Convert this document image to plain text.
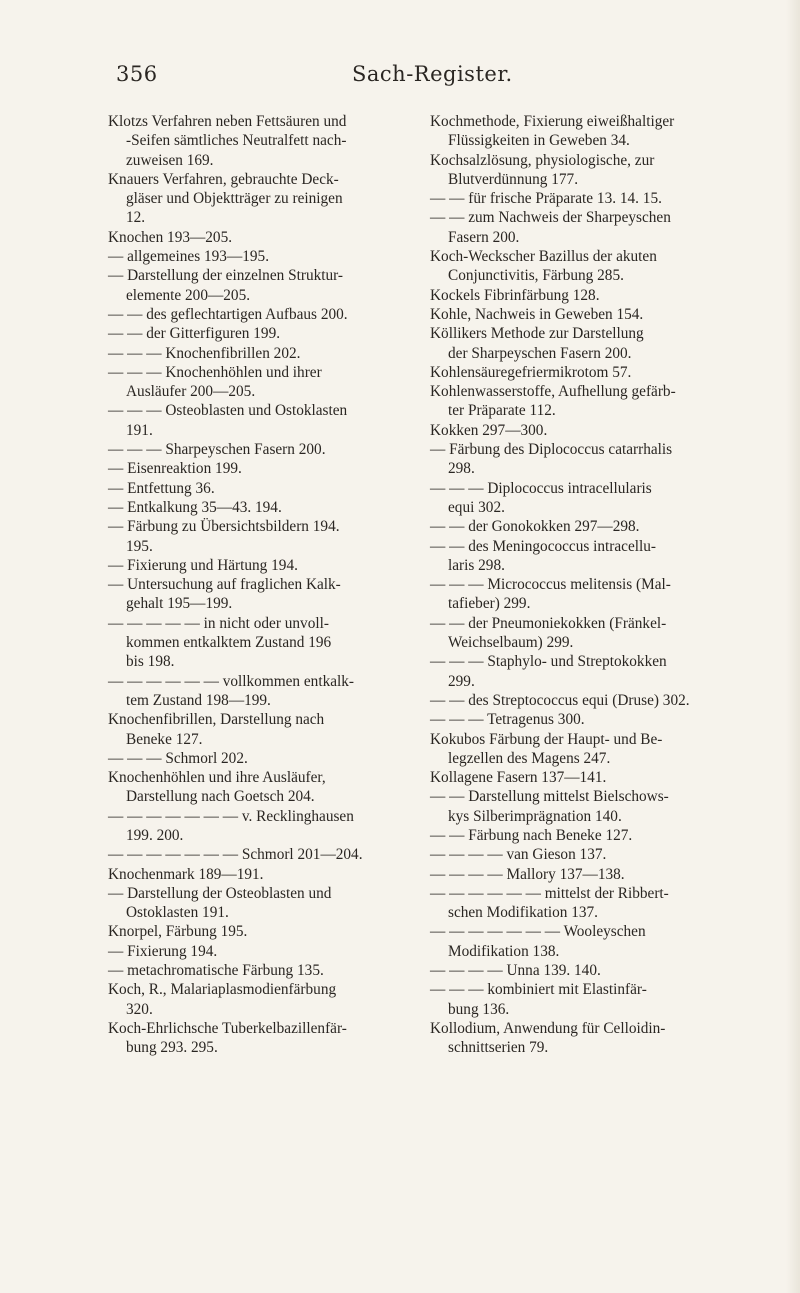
356	Sach-Register.

Klotzs Verfahren neben Fettsäuren und

-Seifen sämtliches Neutralfett nach-

zuweisen 169.

Knauers Verfahren, gebrauchte Deck-

gläser und Objektträger zu reinigen

12.

Knochen 193—205.

— allgemeines 193—195.

— Darstellung der einzelnen Struktur-

elemente 200—205.

— — des geflechtartigen Aufbaus 200.

— — der Gitterfiguren 199.

— — — Knochenfibrillen 202.

— — — Knochenhöhlen und ihrer

Ausläufer 200—205.

— — — Osteoblasten und Ostoklasten

191.

— — — Sharpeyschen Fasern 200.

— Eisenreaktion 199.

— Entfettung 36.

— Entkalkung 35—43. 194.

— Färbung zu Übersichtsbildern 194.

195.

— Fixierung und Härtung 194.

— Untersuchung auf fraglichen Kalk-

gehalt 195—199.

— — — — — in nicht oder unvoll-

kommen entkalktem Zustand 196

bis 198.

— — — — — — vollkommen entkalk-

tem Zustand 198—199.

Knochenfibrillen, Darstellung nach

Beneke 127.

— — — Schmorl 202.

Knochenhöhlen und ihre Ausläufer,

Darstellung nach Goetsch 204.

— — — — — — — v. Recklinghausen

199. 200.

— — — — — — — Schmorl 201—204.

Knochenmark 189—191.

— Darstellung der Osteoblasten und

Ostoklasten 191.

Knorpel, Färbung 195.

— Fixierung 194.

— metachromatische Färbung 135.

Koch, R., Malariaplasmodienfärbung

320.

Koch-Ehrlichsche Tuberkelbazillenfär-

bung 293. 295.

Kochmethode, Fixierung eiweißhaltiger

Flüssigkeiten in Geweben 34.

Kochsalzlösung, physiologische, zur

Blutverdünnung 177.

— — für frische Präparate 13. 14. 15.

— — zum Nachweis der Sharpeyschen

Fasern 200.

Koch-Weckscher Bazillus der akuten

Conjunctivitis, Färbung 285.

Kockels Fibrinfärbung 128.

Kohle, Nachweis in Geweben 154.

Köllikers Methode zur Darstellung

der Sharpeyschen Fasern 200.

Kohlensäuregefriermikrotom 57.

Kohlenwasserstoffe, Aufhellung gefärb-

ter Präparate 112.

Kokken 297—300.

— Färbung des Diplococcus catarrhalis

298.

— — — Diplococcus intracellularis

equi 302.

— — der Gonokokken 297—298.

— — des Meningococcus intracellu-

laris 298.

— — — Micrococcus melitensis (Mal-

tafieber) 299.

— — der Pneumoniekokken (Fränkel-

Weichselbaum) 299.

— — — Staphylo- und Streptokokken

299.

— — des Streptococcus equi (Druse) 302.

— — — Tetragenus 300.

Kokubos Färbung der Haupt- und Be-

legzellen des Magens 247.

Kollagene Fasern 137—141.

— — Darstellung mittelst Bielschows-

kys Silberimprägnation 140.

— — Färbung nach Beneke 127.

— — — — van Gieson 137.

— — — — Mallory 137—138.

— — — — — — mittelst der Ribbert-

schen Modifikation 137.

— — — — — — — Wooleyschen

Modifikation 138.

— — — — Unna 139. 140.

— — — kombiniert mit Elastinfär-

bung 136.

Kollodium, Anwendung für Celloidin-

schnittserien 79.
